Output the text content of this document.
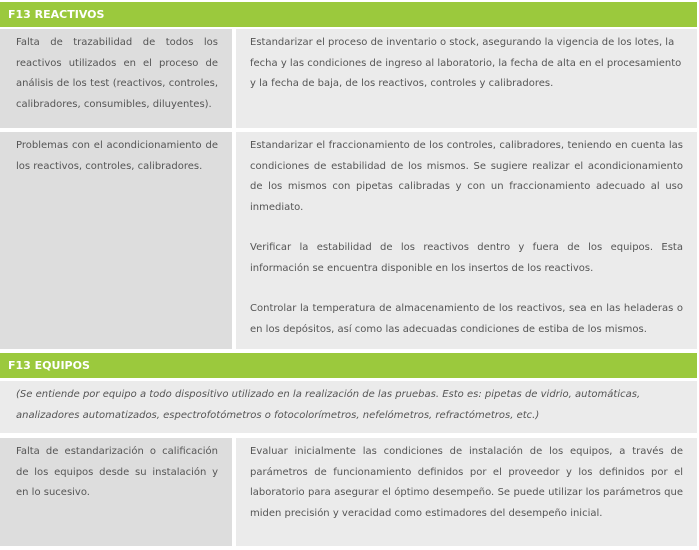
F13 REACTIVOS

Falta de trazabilidad de todos los reactivos utilizados en el proceso de análisis de los test (reactivos, controles, calibradores, consumibles, diluyentes).

Estandarizar el proceso de inventario o stock, asegurando la vigencia de los lotes, la fecha y las condiciones de ingreso al laboratorio, la fecha de alta en el procesamiento y la fecha de baja, de los reactivos, controles y calibradores.

Problemas con el acondicionamiento de los reactivos, controles, calibradores.

Estandarizar el fraccionamiento de los controles, calibradores, teniendo en cuenta las condiciones de estabilidad de los mismos. Se sugiere realizar el acondicionamiento de los mismos con pipetas calibradas y con un fraccionamiento adecuado al uso inmediato.

Verificar la estabilidad de los reactivos dentro y fuera de los equipos. Esta información se encuentra disponible en los insertos de los reactivos.

Controlar la temperatura de almacenamiento de los reactivos, sea en las heladeras o en los depósitos, así como las adecuadas condiciones de estiba de los mismos.

F13 EQUIPOS

(Se entiende por equipo a todo dispositivo utilizado en la realización de las pruebas. Esto es: pipetas de vidrio, automáticas, analizadores automatizados, espectrofotómetros o fotocolorímetros, nefelómetros, refractómetros, etc.)

Falta de estandarización o calificación de los equipos desde su instalación y en lo sucesivo.

Evaluar inicialmente las condiciones de instalación de los equipos, a través de parámetros de funcionamiento definidos por el proveedor y los definidos por el laboratorio para asegurar el óptimo desempeño. Se puede utilizar los parámetros que miden precisión y veracidad como estimadores del desempeño inicial.
